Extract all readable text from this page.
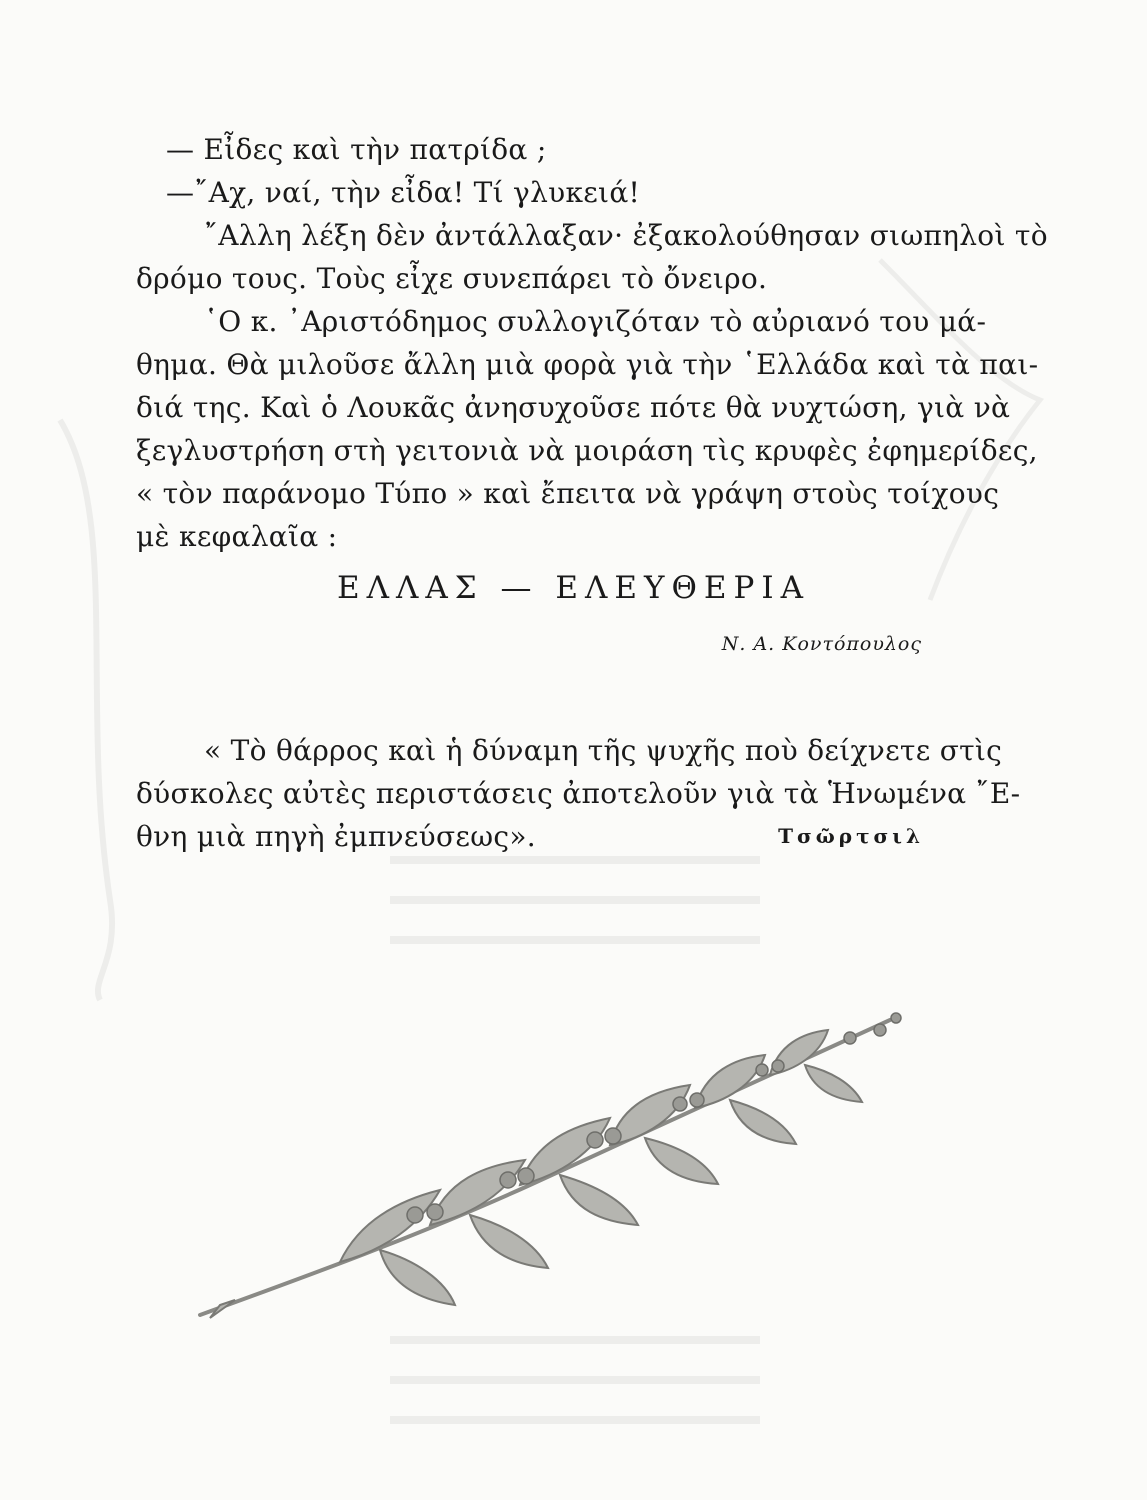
— Εἶδες καὶ τὴν πατρίδα ;
—῎Αχ, ναί, τὴν εἶδα! Τί γλυκειά!
῎Αλλη λέξη δὲν ἀντάλλαξαν· ἐξακολούθησαν σιωπηλοὶ τὸ
δρόμο τους. Τοὺς εἶχε συνεπάρει τὸ ὄνειρο.
῾Ο κ. ᾿Αριστόδημος συλλογιζόταν τὸ αὐριανό του μά-
θημα. Θὰ μιλοῦσε ἄλλη μιὰ φορὰ γιὰ τὴν ῾Ελλάδα καὶ τὰ παι-
διά της. Καὶ ὁ Λουκᾶς ἀνησυχοῦσε πότε θὰ νυχτώση, γιὰ νὰ
ξεγλυστρήση στὴ γειτονιὰ νὰ μοιράση τὶς κρυφὲς ἐφημερίδες,
« τὸν παράνομο Τύπο » καὶ ἔπειτα νὰ γράψη στοὺς τοίχους
μὲ κεφαλαῖα :
ΕΛΛΑΣ — ΕΛΕΥΘΕΡΙΑ
Ν. Α. Κοντόπουλος
« Τὸ θάρρος καὶ ἡ δύναμη τῆς ψυχῆς ποὺ δείχνετε στὶς
δύσκολες αὐτὲς περιστάσεις ἀποτελοῦν γιὰ τὰ Ἡνωμένα ῎Ε-
θνη μιὰ πηγὴ ἐμπνεύσεως».	Τσῶρτσιλ
